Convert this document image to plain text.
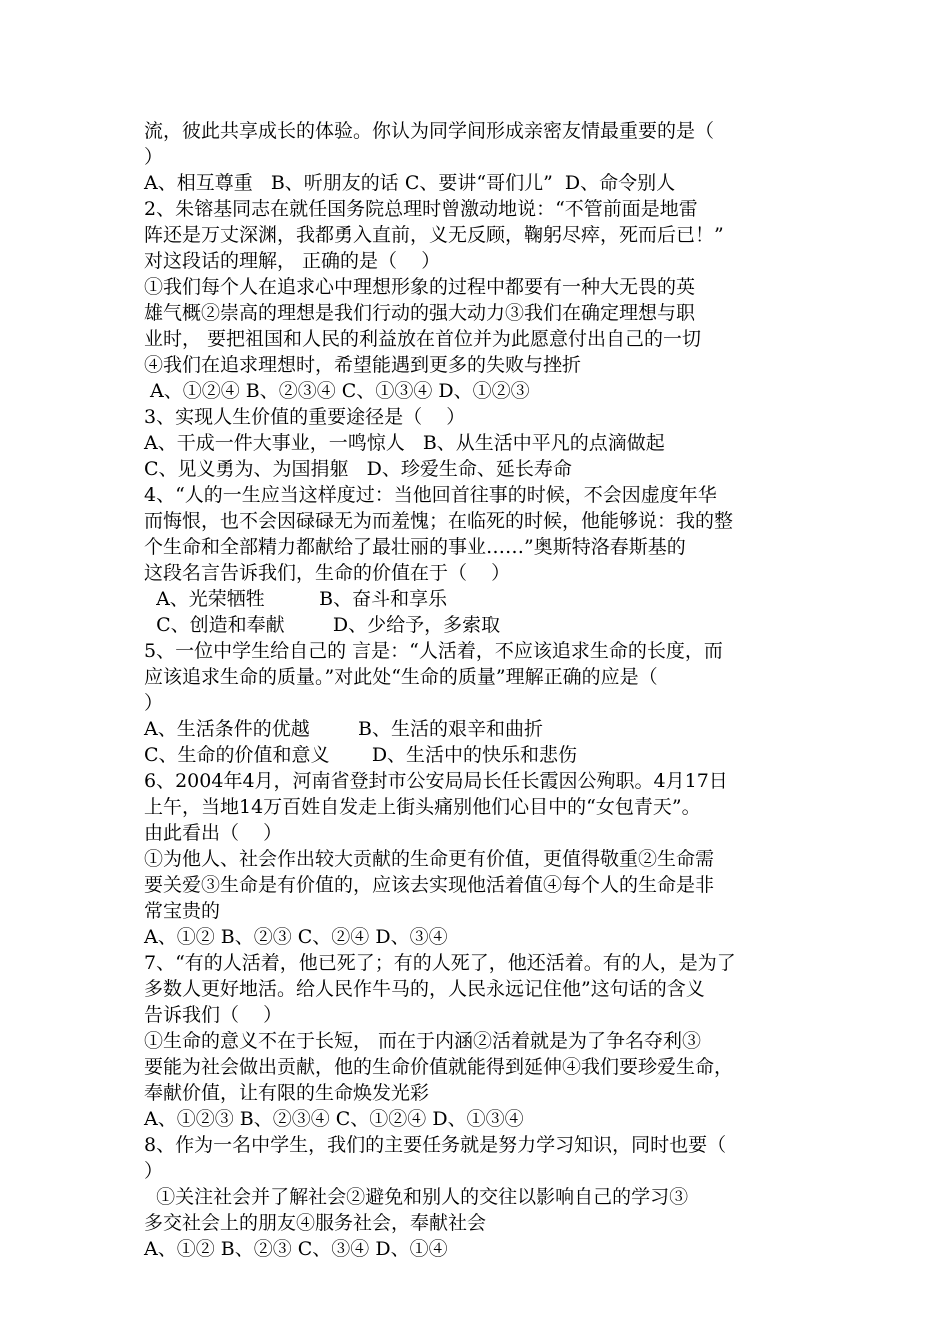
流，彼此共享成长的体验。你认为同学间形成亲密友情最重要的是（
）
A、相互尊重   B、听朋友的话 C、要讲“哥们儿”  D、命令别人
2、朱镕基同志在就任国务院总理时曾激动地说：“不管前面是地雷
阵还是万丈深渊，我都勇入直前，义无反顾，鞠躬尽瘁，死而后已！”
对这段话的理解， 正确的是（    ）
①我们每个人在追求心中理想形象的过程中都要有一种大无畏的英
雄气概②崇高的理想是我们行动的强大动力③我们在确定理想与职
业时， 要把祖国和人民的利益放在首位并为此愿意付出自己的一切
④我们在追求理想时，希望能遇到更多的失败与挫折
A、①②④ B、②③④ C、①③④ D、①②③
3、实现人生价值的重要途径是（    ）
A、干成一件大事业，一鸣惊人   B、从生活中平凡的点滴做起
C、见义勇为、为国捐躯   D、珍爱生命、延长寿命
4、“人的一生应当这样度过：当他回首往事的时候，不会因虚度年华
而悔恨，也不会因碌碌无为而羞愧；在临死的时候，他能够说：我的整
个生命和全部精力都献给了最壮丽的事业……”奥斯特洛春斯基的
这段名言告诉我们，生命的价值在于（    ）
A、光荣牺牲         B、奋斗和享乐
C、创造和奉献        D、少给予，多索取
5、一位中学生给自己的 言是：“人活着，不应该追求生命的长度，而
应该追求生命的质量。”对此处“生命的质量”理解正确的应是（
）
A、生活条件的优越        B、生活的艰辛和曲折
C、生命的价值和意义       D、生活中的快乐和悲伤
6、2004年4月，河南省登封市公安局局长任长霞因公殉职。4月17日
上午，当地14万百姓自发走上街头痛别他们心目中的“女包青天”。
由此看出（    ）
①为他人、社会作出较大贡献的生命更有价值，更值得敬重②生命需
要关爱③生命是有价值的，应该去实现他活着值④每个人的生命是非
常宝贵的
A、①② B、②③ C、②④ D、③④
7、“有的人活着，他已死了；有的人死了，他还活着。有的人，是为了
多数人更好地活。给人民作牛马的，人民永远记住他”这句话的含义
告诉我们（    ）
①生命的意义不在于长短， 而在于内涵②活着就是为了争名夺利③
要能为社会做出贡献，他的生命价值就能得到延伸④我们要珍爱生命，
奉献价值，让有限的生命焕发光彩
A、①②③ B、②③④ C、①②④ D、①③④
8、作为一名中学生，我们的主要任务就是努力学习知识，同时也要（
）
①关注社会并了解社会②避免和别人的交往以影响自己的学习③
多交社会上的朋友④服务社会，奉献社会
A、①② B、②③ C、③④ D、①④
